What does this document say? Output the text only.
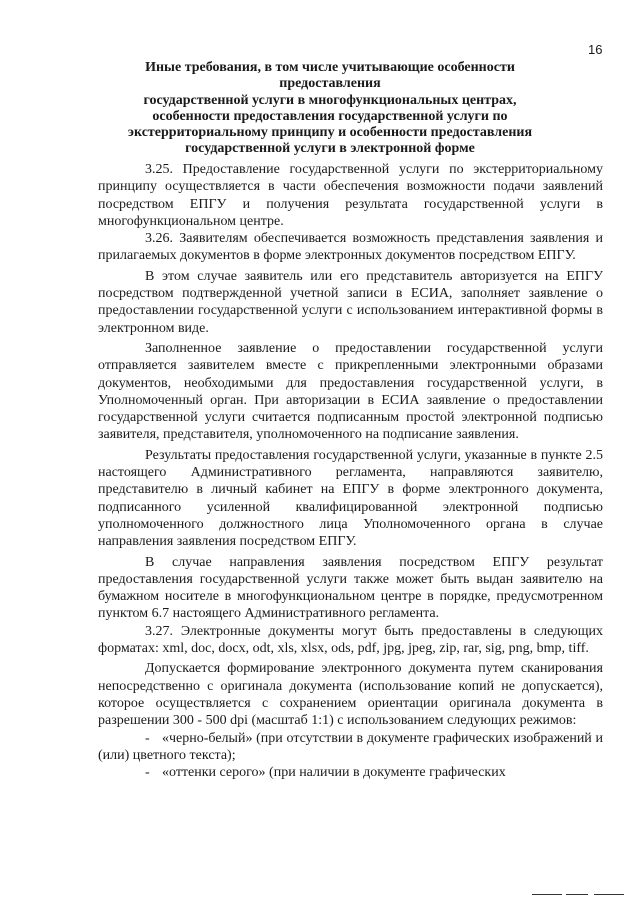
16
Иные требования, в том числе учитывающие особенности
предоставления
государственной услуги в многофункциональных центрах,
особенности предоставления государственной услуги по
экстерриториальному принципу и особенности предоставления
государственной услуги в электронной форме

3.25. Предоставление государственной услуги по экстерриториальному принципу осуществляется в части обеспечения возможности подачи заявлений посредством ЕПГУ и получения результата государственной услуги в многофункциональном центре.

3.26. Заявителям обеспечивается возможность представления заявления и прилагаемых документов в форме электронных документов посредством ЕПГУ.

В этом случае заявитель или его представитель авторизуется на ЕПГУ посредством подтвержденной учетной записи в ЕСИА, заполняет заявление о предоставлении государственной услуги с использованием интерактивной формы в электронном виде.

Заполненное заявление о предоставлении государственной услуги отправляется заявителем вместе с прикрепленными электронными образами документов, необходимыми для предоставления государственной услуги, в Уполномоченный орган. При авторизации в ЕСИА заявление о предоставлении государственной услуги считается подписанным простой электронной подписью заявителя, представителя, уполномоченного на подписание заявления.

Результаты предоставления государственной услуги, указанные в пункте 2.5 настоящего Административного регламента, направляются заявителю, представителю в личный кабинет на ЕПГУ в форме электронного документа, подписанного усиленной квалифицированной электронной подписью уполномоченного должностного лица Уполномоченного органа в случае направления заявления посредством ЕПГУ.

В случае направления заявления посредством ЕПГУ результат предоставления государственной услуги также может быть выдан заявителю на бумажном носителе в многофункциональном центре в порядке, предусмотренном пунктом 6.7 настоящего Административного регламента.

3.27. Электронные документы могут быть предоставлены в следующих форматах: xml, doc, docx, odt, xls, xlsx, ods, pdf, jpg, jpeg, zip, rar, sig, png, bmp, tiff.

Допускается формирование электронного документа путем сканирования непосредственно с оригинала документа (использование копий не допускается), которое осуществляется с сохранением ориентации оригинала документа в разрешении 300 - 500 dpi (масштаб 1:1) с использованием следующих режимов:

- «черно-белый» (при отсутствии в документе графических изображений и (или) цветного текста);

- «оттенки серого» (при наличии в документе графических
